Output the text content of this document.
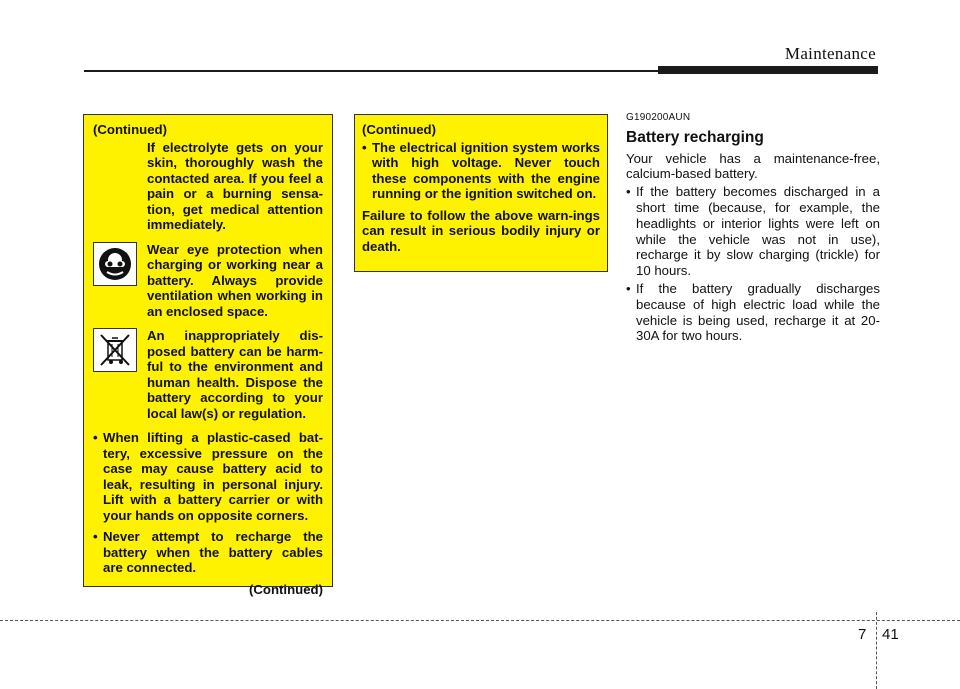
Maintenance
(Continued)
If electrolyte gets on your skin, thoroughly wash the contacted area. If you feel a pain or a burning sensa-tion, get medical attention immediately.
Wear eye protection when charging or working near a battery. Always provide ventilation when working in an enclosed space.
An inappropriately dis-posed battery can be harm-ful to the environment and human health. Dispose the battery according to your local law(s) or regulation.
• When lifting a plastic-cased bat-tery, excessive pressure on the case may cause battery acid to leak, resulting in personal injury. Lift with a battery carrier or with your hands on opposite corners.
• Never attempt to recharge the battery when the battery cables are connected.
(Continued)
(Continued)
• The electrical ignition system works with high voltage. Never touch these components with the engine running or the ignition switched on.
Failure to follow the above warn-ings can result in serious bodily injury or death.
G190200AUN
Battery recharging
Your vehicle has a maintenance-free, calcium-based battery.
• If the battery becomes discharged in a short time (because, for example, the headlights or interior lights were left on while the vehicle was not in use), recharge it by slow charging (trickle) for 10 hours.
• If the battery gradually discharges because of high electric load while the vehicle is being used, recharge it at 20-30A for two hours.
7 41
